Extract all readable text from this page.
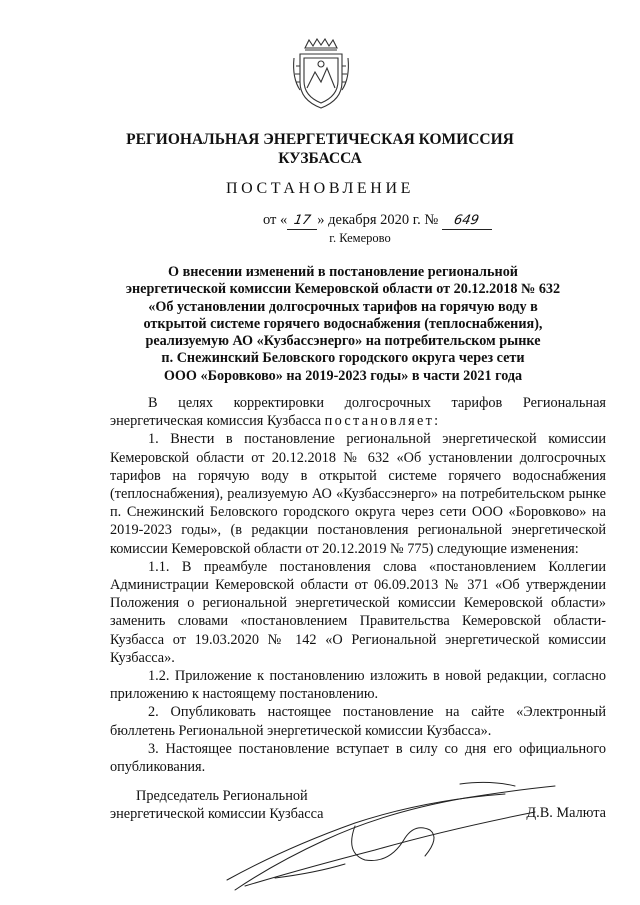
РЕГИОНАЛЬНАЯ ЭНЕРГЕТИЧЕСКАЯ КОМИССИЯ
КУЗБАССА
ПОСТАНОВЛЕНИЕ
от « 17 » декабря 2020 г. № 649
г. Кемерово
О внесении изменений в постановление региональной
энергетической комиссии Кемеровской области от 20.12.2018 № 632
«Об установлении долгосрочных тарифов на горячую воду в
открытой системе горячего водоснабжения (теплоснабжения),
реализуемую АО «Кузбассэнерго» на потребительском рынке
п. Снежинский Беловского городского округа через сети
ООО «Боровково» на 2019-2023 годы» в части 2021 года

В целях корректировки долгосрочных тарифов Региональная энергетическая комиссия Кузбасса постановляет:

1. Внести в постановление региональной энергетической комиссии Кемеровской области от 20.12.2018 № 632 «Об установлении долгосрочных тарифов на горячую воду в открытой системе горячего водоснабжения (теплоснабжения), реализуемую АО «Кузбассэнерго» на потребительском рынке п. Снежинский Беловского городского округа через сети ООО «Боровково» на 2019-2023 годы», (в редакции постановления региональной энергетической комиссии Кемеровской области от 20.12.2019 № 775) следующие изменения:

1.1. В преамбуле постановления слова «постановлением Коллегии Администрации Кемеровской области от 06.09.2013 № 371 «Об утверждении Положения о региональной энергетической комиссии Кемеровской области» заменить словами «постановлением Правительства Кемеровской области-Кузбасса от 19.03.2020 № 142 «О Региональной энергетической комиссии Кузбасса».

1.2. Приложение к постановлению изложить в новой редакции, согласно приложению к настоящему постановлению.

2. Опубликовать настоящее постановление на сайте «Электронный бюллетень Региональной энергетической комиссии Кузбасса».

3. Настоящее постановление вступает в силу со дня его официального опубликования.

Председатель Региональной
энергетической комиссии Кузбасса	Д.В. Малюта
